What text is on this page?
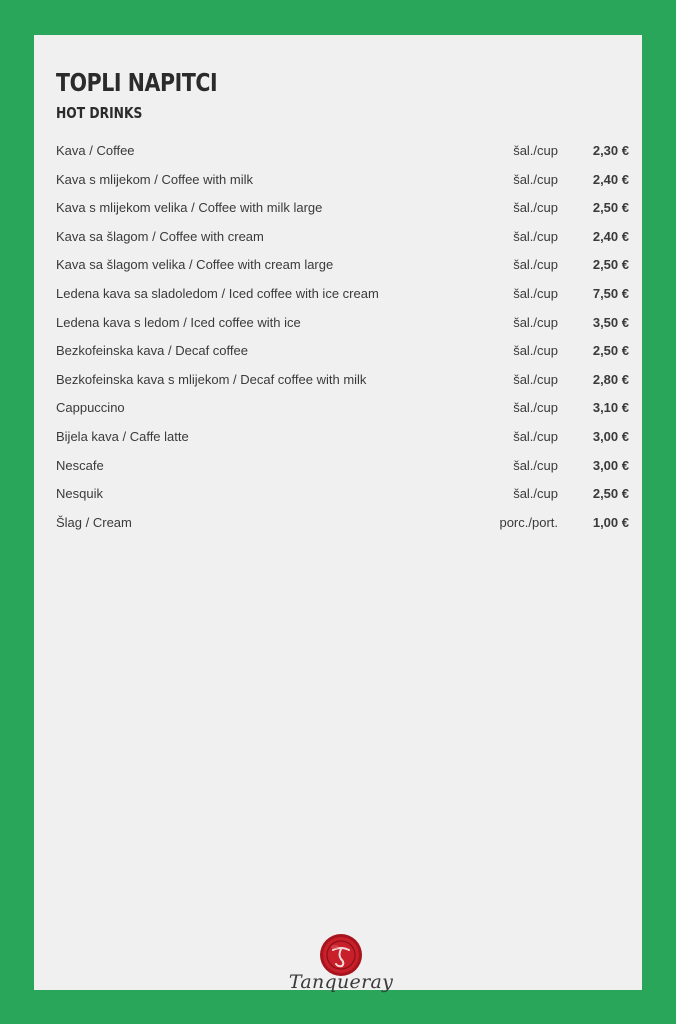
TOPLI NAPITCI
HOT DRINKS
Kava / Coffee	šal./cup	2,30 €
Kava s mlijekom / Coffee with milk	šal./cup	2,40 €
Kava s mlijekom velika / Coffee with milk large	šal./cup	2,50 €
Kava sa šlagom / Coffee with cream	šal./cup	2,40 €
Kava sa šlagom velika / Coffee with cream large	šal./cup	2,50 €
Ledena kava sa sladoledom / Iced coffee with ice cream	šal./cup	7,50 €
Ledena kava s ledom / Iced coffee with ice	šal./cup	3,50 €
Bezkofeinska kava / Decaf coffee	šal./cup	2,50 €
Bezkofeinska kava s mlijekom / Decaf coffee with milk	šal./cup	2,80 €
Cappuccino	šal./cup	3,10 €
Bijela kava / Caffe latte	šal./cup	3,00 €
Nescafe	šal./cup	3,00 €
Nesquik	šal./cup	2,50 €
Šlag / Cream	porc./port.	1,00 €
Tanqueray
